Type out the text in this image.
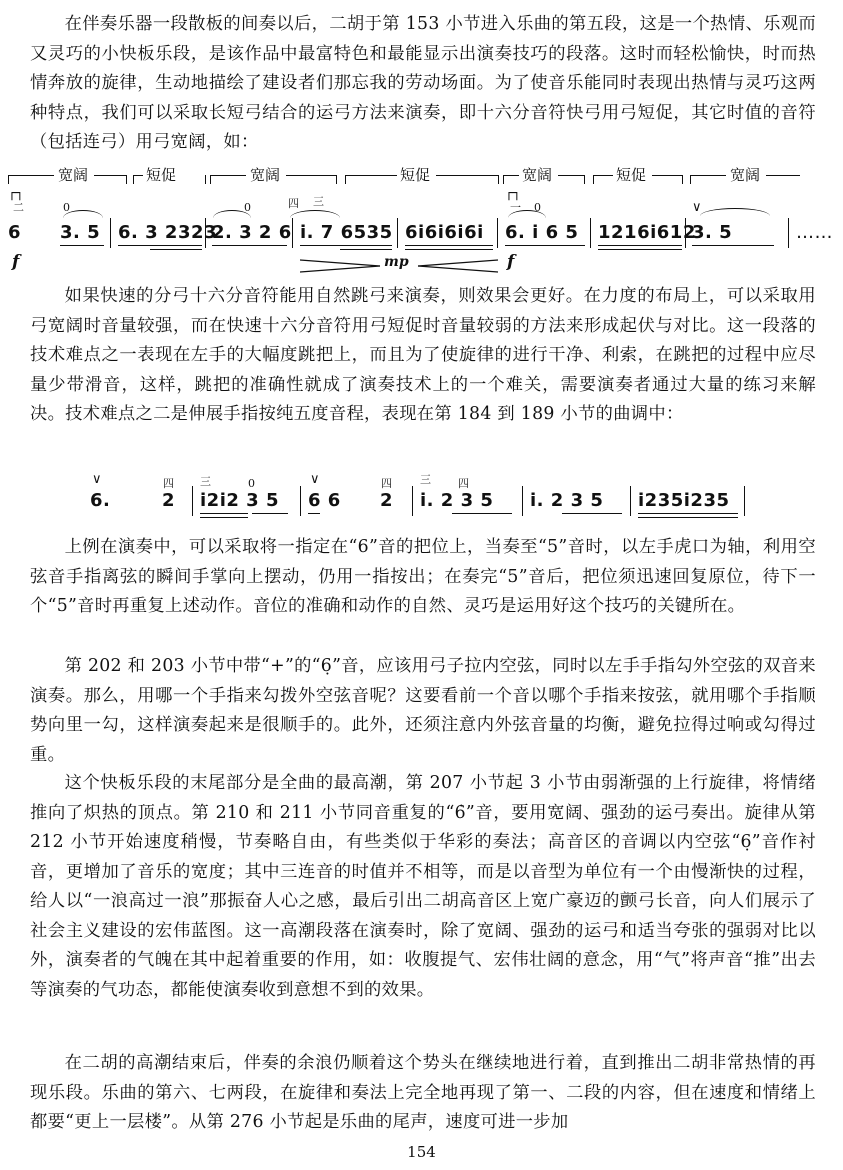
在伴奏乐器一段散板的间奏以后，二胡于第 153 小节进入乐曲的第五段，这是一个热情、乐观而又灵巧的小快板乐段，是该作品中最富特色和最能显示出演奏技巧的段落。这时而轻松愉快，时而热情奔放的旋律，生动地描绘了建设者们那忘我的劳动场面。为了使音乐能同时表现出热情与灵巧这两种特点，我们可以采取长短弓结合的运弓方法来演奏，即十六分音符快弓用弓短促，其它时值的音符（包括连弓）用弓宽阔，如：

宽阔	短促	宽阔	短促	宽阔	短促	宽阔
┌┐
二	0	0	四 三
┌┐
一 0	∨
6 3. 5 6. 3 2323
2. 3 2 6 i. 7 6535 6i6i6i6i 6. i 6 5 1216i612
3. 5	……
f	mp	f

如果快速的分弓十六分音符能用自然跳弓来演奏，则效果会更好。在力度的布局上，可以采取用弓宽阔时音量较强，而在快速十六分音符用弓短促时音量较弱的方法来形成起伏与对比。这一段落的技术难点之一表现在左手的大幅度跳把上，而且为了使旋律的进行干净、利索，在跳把的过程中应尽量少带滑音，这样，跳把的准确性就成了演奏技术上的一个难关，需要演奏者通过大量的练习来解决。技术难点之二是伸展手指按纯五度音程，表现在第 184 到 189 小节的曲调中：

∨	四 三	0	∨	四	三 四
6.	2 i2i2 3 5 6 6 2 i. 2 3 5 i. 2 3 5 i235i235

上例在演奏中，可以采取将一指定在“6”音的把位上，当奏至“5”音时，以左手虎口为轴，利用空弦音手指离弦的瞬间手掌向上摆动，仍用一指按出；在奏完“5”音后，把位须迅速回复原位，待下一个“5”音时再重复上述动作。音位的准确和动作的自然、灵巧是运用好这个技巧的关键所在。

第 202 和 203 小节中带“+”的“6̣”音，应该用弓子拉内空弦，同时以左手手指勾外空弦的双音来演奏。那么，用哪一个手指来勾拨外空弦音呢？这要看前一个音以哪个手指来按弦，就用哪个手指顺势向里一勾，这样演奏起来是很顺手的。此外，还须注意内外弦音量的均衡，避免拉得过响或勾得过重。

这个快板乐段的末尾部分是全曲的最高潮，第 207 小节起 3 小节由弱渐强的上行旋律，将情绪推向了炽热的顶点。第 210 和 211 小节同音重复的“6̇”音，要用宽阔、强劲的运弓奏出。旋律从第 212 小节开始速度稍慢，节奏略自由，有些类似于华彩的奏法；高音区的音调以内空弦“6̣”音作衬音，更增加了音乐的宽度；其中三连音的时值并不相等，而是以音型为单位有一个由慢渐快的过程，给人以“一浪高过一浪”那振奋人心之感，最后引出二胡高音区上宽广豪迈的颤弓长音，向人们展示了社会主义建设的宏伟蓝图。这一高潮段落在演奏时，除了宽阔、强劲的运弓和适当夸张的强弱对比以外，演奏者的气魄在其中起着重要的作用，如：收腹提气、宏伟壮阔的意念，用“气”将声音“推”出去等演奏的气功态，都能使演奏收到意想不到的效果。

在二胡的高潮结束后，伴奏的余浪仍顺着这个势头在继续地进行着，直到推出二胡非常热情的再现乐段。乐曲的第六、七两段，在旋律和奏法上完全地再现了第一、二段的内容，但在速度和情绪上都要“更上一层楼”。从第 276 小节起是乐曲的尾声，速度可进一步加

154
